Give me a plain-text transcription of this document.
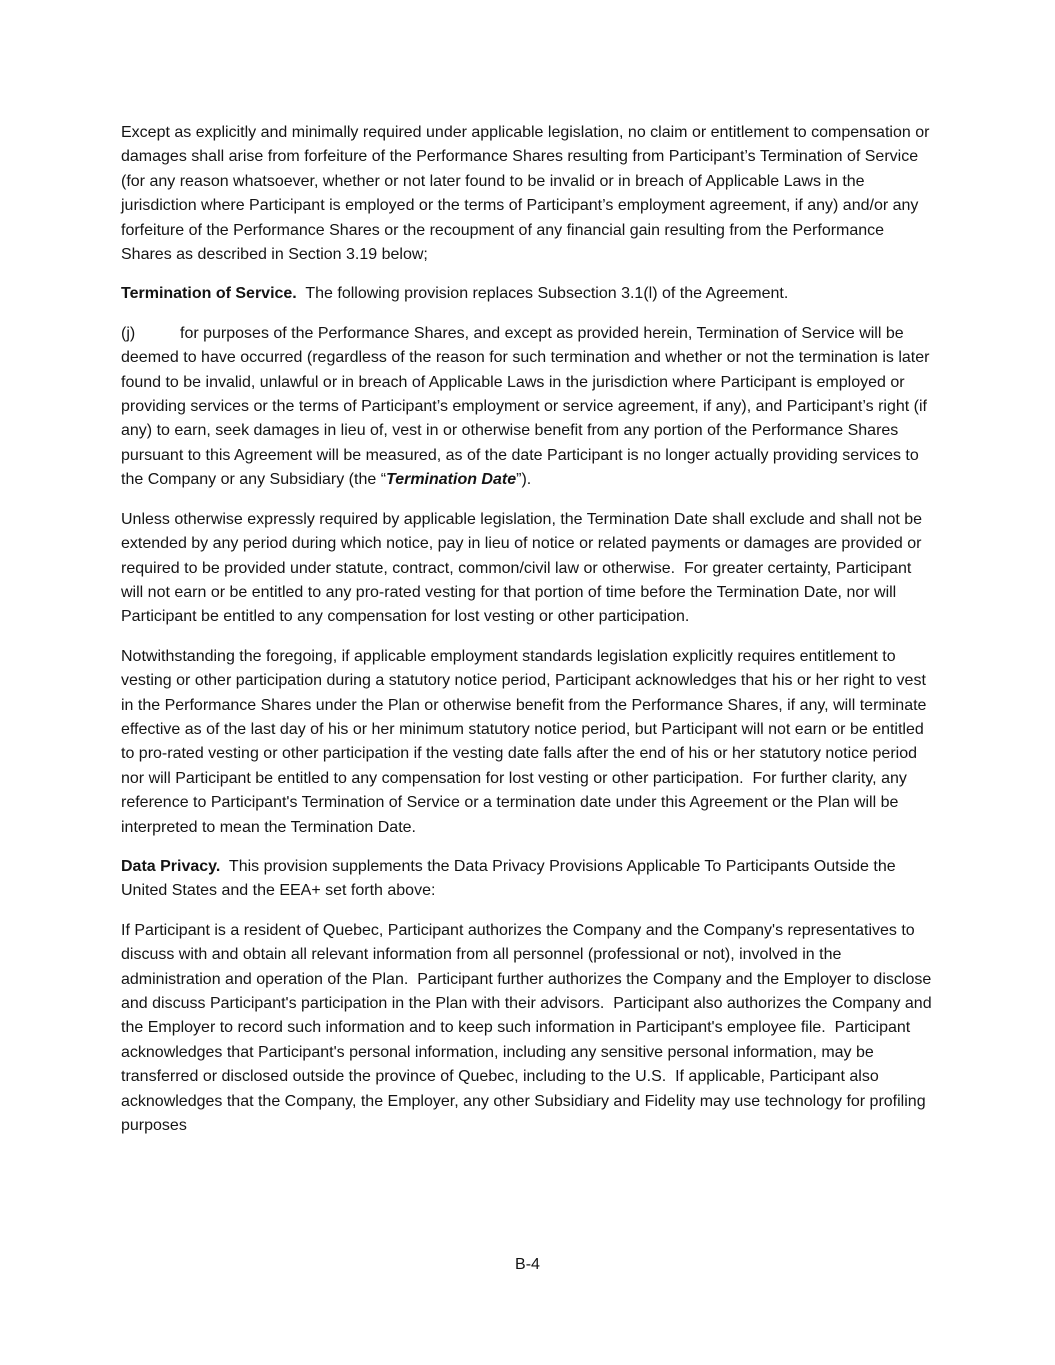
Except as explicitly and minimally required under applicable legislation, no claim or entitlement to compensation or damages shall arise from forfeiture of the Performance Shares resulting from Participant’s Termination of Service (for any reason whatsoever, whether or not later found to be invalid or in breach of Applicable Laws in the jurisdiction where Participant is employed or the terms of Participant’s employment agreement, if any) and/or any forfeiture of the Performance Shares or the recoupment of any financial gain resulting from the Performance Shares as described in Section 3.19 below;

Termination of Service.  The following provision replaces Subsection 3.1(l) of the Agreement.

(j)	for purposes of the Performance Shares, and except as provided herein, Termination of Service will be deemed to have occurred (regardless of the reason for such termination and whether or not the termination is later found to be invalid, unlawful or in breach of Applicable Laws in the jurisdiction where Participant is employed or providing services or the terms of Participant’s employment or service agreement, if any), and Participant’s right (if any) to earn, seek damages in lieu of, vest in or otherwise benefit from any portion of the Performance Shares pursuant to this Agreement will be measured, as of the date Participant is no longer actually providing services to the Company or any Subsidiary (the “Termination Date”).

Unless otherwise expressly required by applicable legislation, the Termination Date shall exclude and shall not be extended by any period during which notice, pay in lieu of notice or related payments or damages are provided or required to be provided under statute, contract, common/civil law or otherwise.  For greater certainty, Participant will not earn or be entitled to any pro-rated vesting for that portion of time before the Termination Date, nor will Participant be entitled to any compensation for lost vesting or other participation.

Notwithstanding the foregoing, if applicable employment standards legislation explicitly requires entitlement to vesting or other participation during a statutory notice period, Participant acknowledges that his or her right to vest in the Performance Shares under the Plan or otherwise benefit from the Performance Shares, if any, will terminate effective as of the last day of his or her minimum statutory notice period, but Participant will not earn or be entitled to pro-rated vesting or other participation if the vesting date falls after the end of his or her statutory notice period nor will Participant be entitled to any compensation for lost vesting or other participation.  For further clarity, any reference to Participant's Termination of Service or a termination date under this Agreement or the Plan will be interpreted to mean the Termination Date.

Data Privacy.  This provision supplements the Data Privacy Provisions Applicable To Participants Outside the United States and the EEA+ set forth above:

If Participant is a resident of Quebec, Participant authorizes the Company and the Company's representatives to discuss with and obtain all relevant information from all personnel (professional or not), involved in the administration and operation of the Plan.  Participant further authorizes the Company and the Employer to disclose and discuss Participant's participation in the Plan with their advisors.  Participant also authorizes the Company and the Employer to record such information and to keep such information in Participant's employee file.  Participant acknowledges that Participant's personal information, including any sensitive personal information, may be transferred or disclosed outside the province of Quebec, including to the U.S.  If applicable, Participant also acknowledges that the Company, the Employer, any other Subsidiary and Fidelity may use technology for profiling purposes

B-4
